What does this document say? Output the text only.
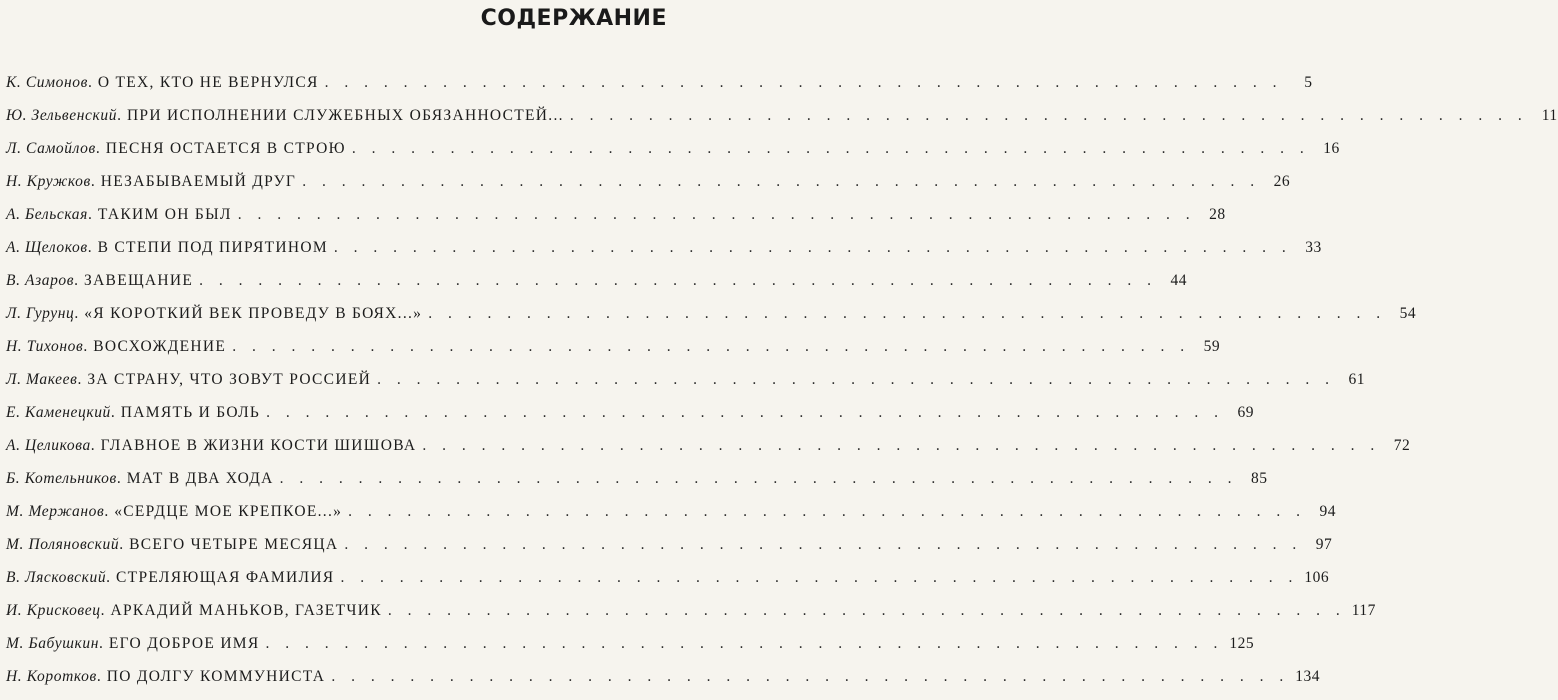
СОДЕРЖАНИЕ
К. Симонов . О ТЕХ, КТО НЕ ВЕРНУЛСЯ . . . . . . . . . . . . . . . . . . . . . . . . . . . . . . . . . . . . . . . . . . . . . . . . .	5
Ю. Зельвенский . ПРИ ИСПОЛНЕНИИ СЛУЖЕБНЫХ ОБЯЗАННОСТЕЙ... . . . . . . . . . . . . . . . . . . . . . . . . . . . . . . . . . . . . . . . . . . . . . . . . . 11
Л. Самойлов . ПЕСНЯ ОСТАЕТСЯ В СТРОЮ . . . . . . . . . . . . . . . . . . . . . . . . . . . . . . . . . . . . . . . . . . . . . . . . . 16
Н. Кружков . НЕЗАБЫВАЕМЫЙ ДРУГ . . . . . . . . . . . . . . . . . . . . . . . . . . . . . . . . . . . . . . . . . . . . . . . . . 26
А. Бельская . ТАКИМ ОН БЫЛ . . . . . . . . . . . . . . . . . . . . . . . . . . . . . . . . . . . . . . . . . . . . . . . . . 28
А. Щелоков . В СТЕПИ ПОД ПИРЯТИНОМ . . . . . . . . . . . . . . . . . . . . . . . . . . . . . . . . . . . . . . . . . . . . . . . . . 33
В. Азаров . ЗАВЕЩАНИЕ . . . . . . . . . . . . . . . . . . . . . . . . . . . . . . . . . . . . . . . . . . . . . . . . . 44
Л. Гурунц . «Я КОРОТКИЙ ВЕК ПРОВЕДУ В БОЯХ...» . . . . . . . . . . . . . . . . . . . . . . . . . . . . . . . . . . . . . . . . . . . . . . . . . 54
Н. Тихонов . ВОСХОЖДЕНИЕ . . . . . . . . . . . . . . . . . . . . . . . . . . . . . . . . . . . . . . . . . . . . . . . . . 59
Л. Макеев . ЗА СТРАНУ, ЧТО ЗОВУТ РОССИЕЙ . . . . . . . . . . . . . . . . . . . . . . . . . . . . . . . . . . . . . . . . . . . . . . . . . 61
Е. Каменецкий . ПАМЯТЬ И БОЛЬ . . . . . . . . . . . . . . . . . . . . . . . . . . . . . . . . . . . . . . . . . . . . . . . . . 69
А. Целикова . ГЛАВНОЕ В ЖИЗНИ КОСТИ ШИШОВА . . . . . . . . . . . . . . . . . . . . . . . . . . . . . . . . . . . . . . . . . . . . . . . . . 72
Б. Котельников . МАТ В ДВА ХОДА . . . . . . . . . . . . . . . . . . . . . . . . . . . . . . . . . . . . . . . . . . . . . . . . . 85
М. Мержанов . «СЕРДЦЕ МОЕ КРЕПКОЕ...» . . . . . . . . . . . . . . . . . . . . . . . . . . . . . . . . . . . . . . . . . . . . . . . . . 94
М. Поляновский . ВСЕГО ЧЕТЫРЕ МЕСЯЦА . . . . . . . . . . . . . . . . . . . . . . . . . . . . . . . . . . . . . . . . . . . . . . . . . 97
В. Лясковский . СТРЕЛЯЮЩАЯ ФАМИЛИЯ . . . . . . . . . . . . . . . . . . . . . . . . . . . . . . . . . . . . . . . . . . . . . . . . . 106
И. Крисковец . АРКАДИЙ МАНЬКОВ, ГАЗЕТЧИК . . . . . . . . . . . . . . . . . . . . . . . . . . . . . . . . . . . . . . . . . . . . . . . . . 117
М. Бабушкин . ЕГО ДОБРОЕ ИМЯ . . . . . . . . . . . . . . . . . . . . . . . . . . . . . . . . . . . . . . . . . . . . . . . . . 125
Н. Коротков . ПО ДОЛГУ КОММУНИСТА . . . . . . . . . . . . . . . . . . . . . . . . . . . . . . . . . . . . . . . . . . . . . . . . . 134
